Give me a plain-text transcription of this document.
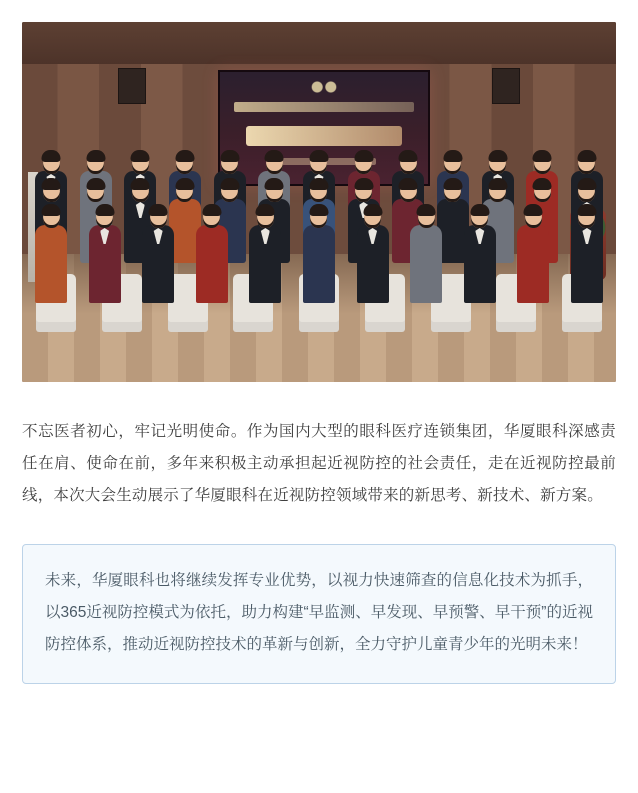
不忘医者初心，牢记光明使命。作为国内大型的眼科医疗连锁集团，华厦眼科深感责任在肩、使命在前，多年来积极主动承担起近视防控的社会责任，走在近视防控最前线，本次大会生动展示了华厦眼科在近视防控领域带来的新思考、新技术、新方案。

未来，华厦眼科也将继续发挥专业优势，以视力快速筛查的信息化技术为抓手，以365近视防控模式为依托，助力构建“早监测、早发现、早预警、早干预”的近视防控体系，推动近视防控技术的革新与创新，全力守护儿童青少年的光明未来！
